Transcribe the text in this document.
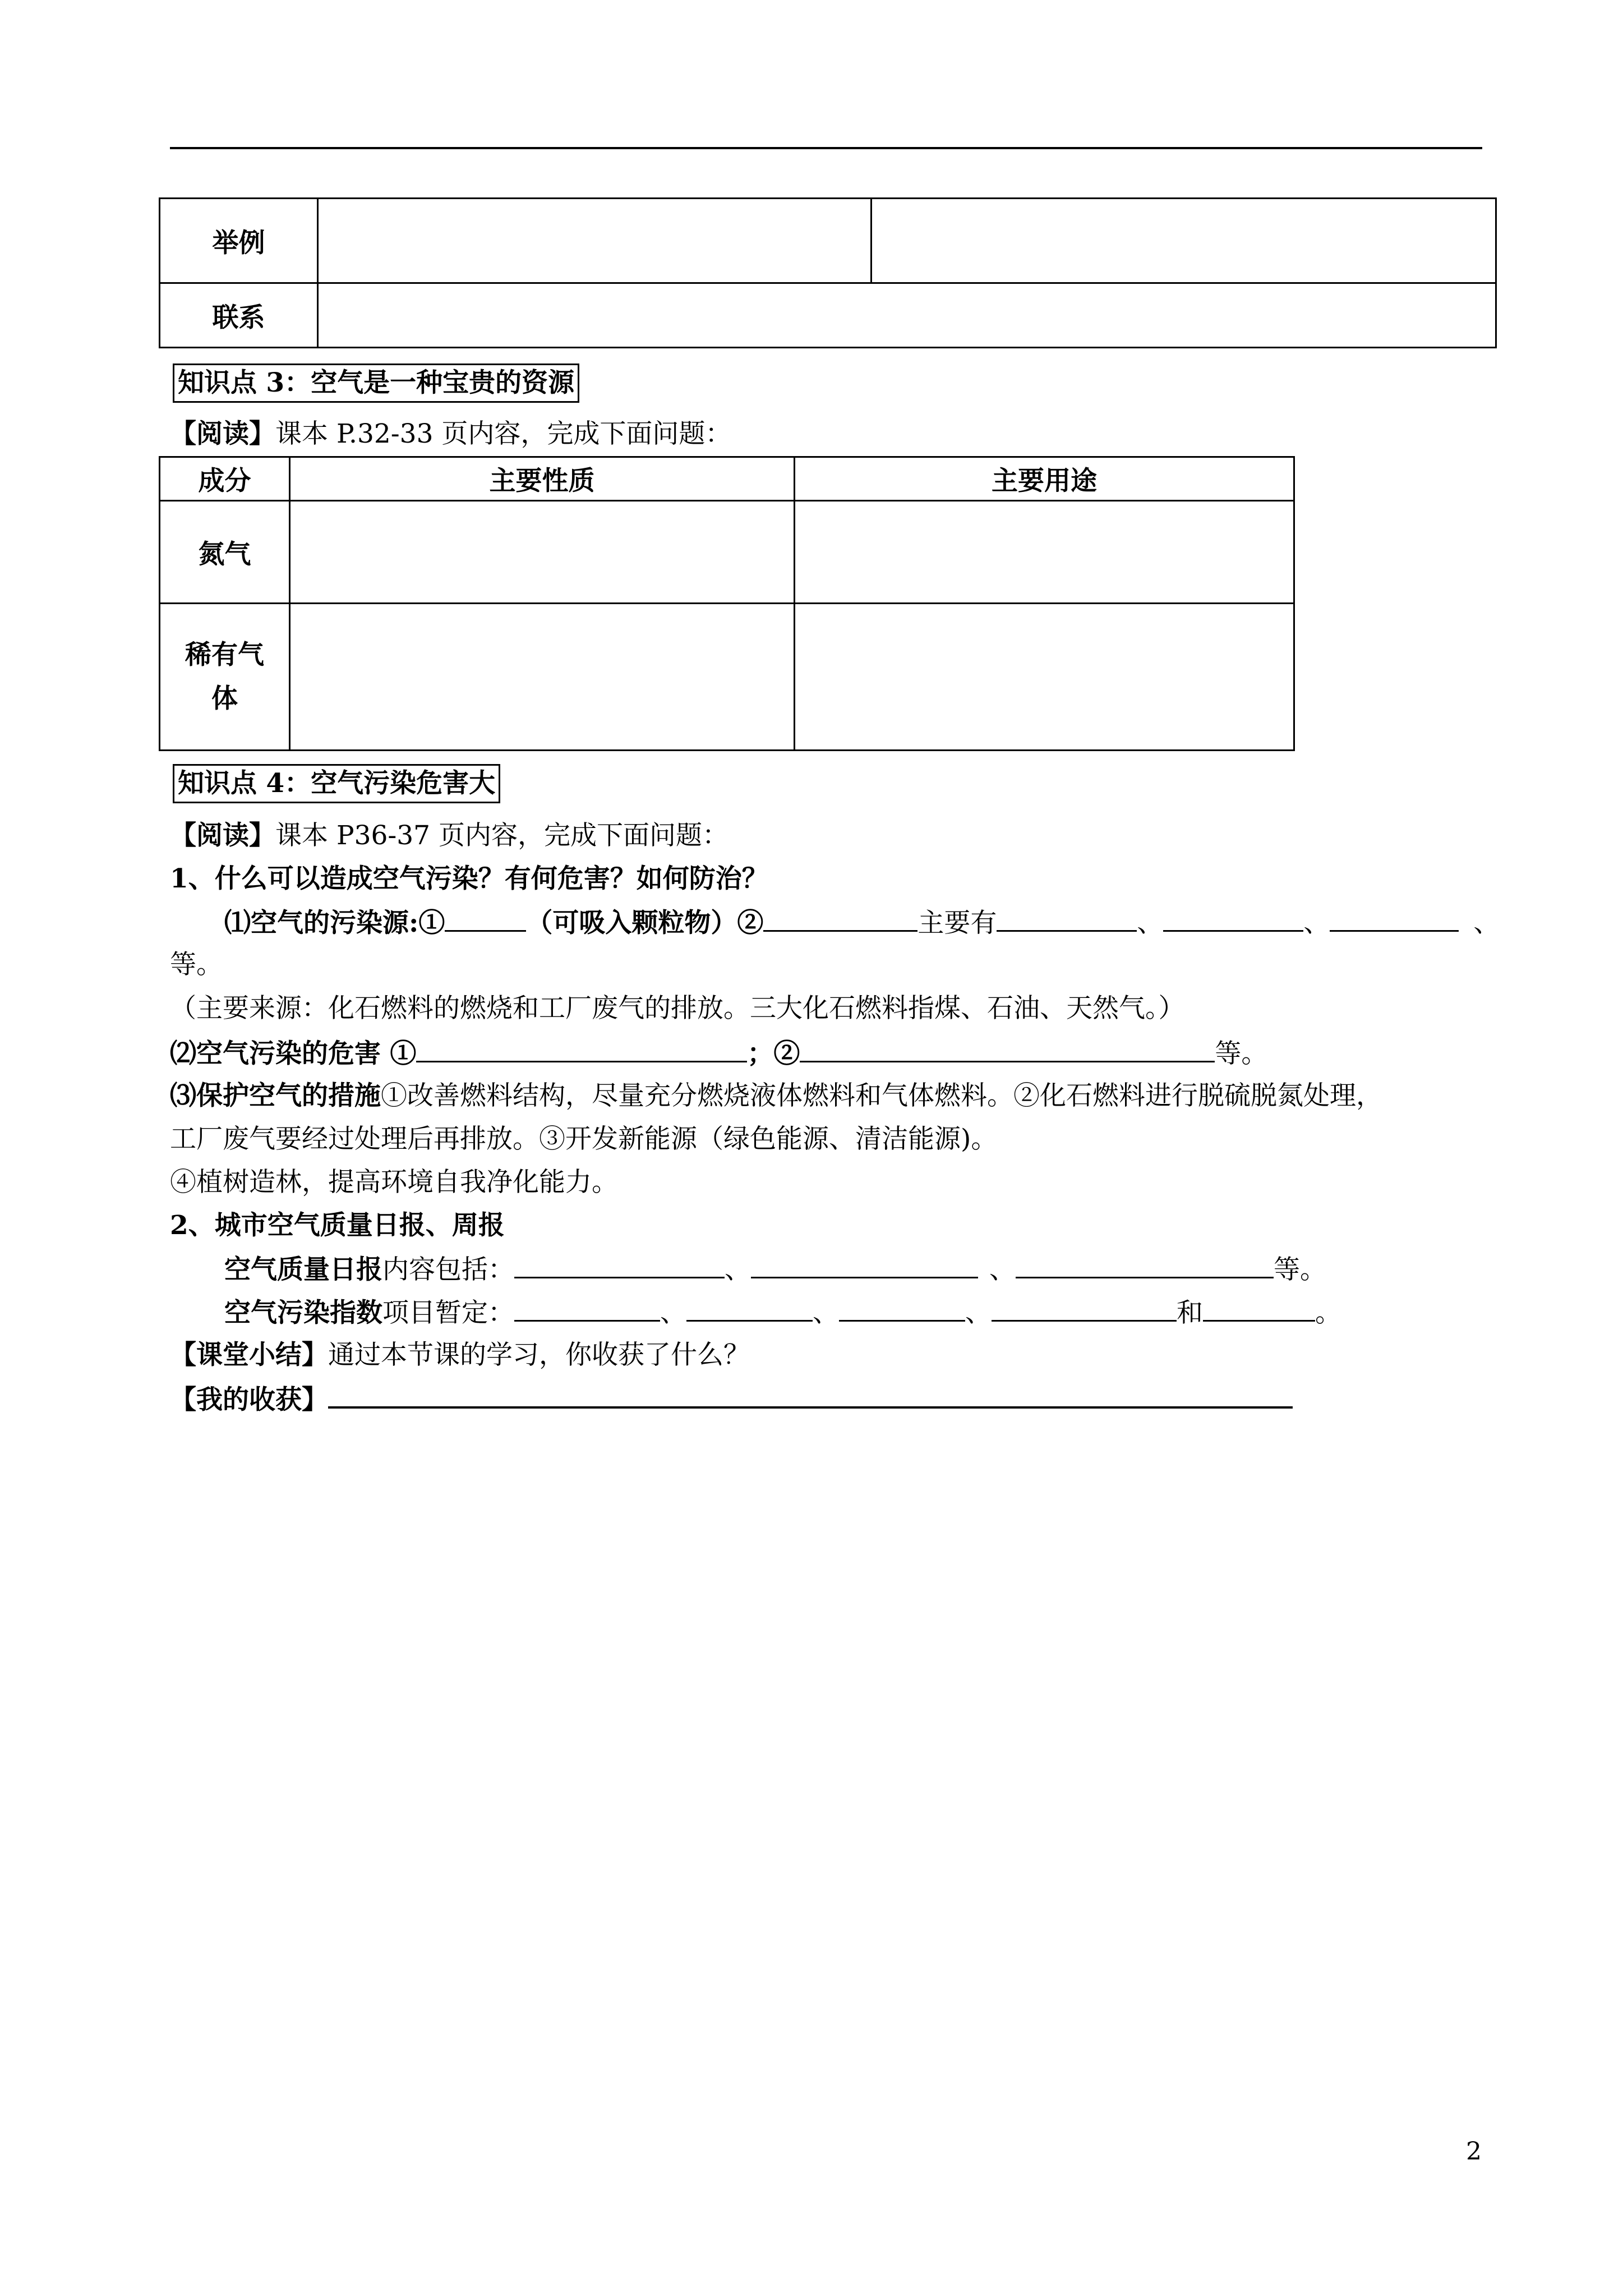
举例		
联系		
知识点 3：空气是一种宝贵的资源
【阅读】课本 P.32-33 页内容，完成下面问题：
成分	主要性质	主要用途
氮气		

稀有气
体		

知识点 4：空气污染危害大
【阅读】课本 P36-37 页内容，完成下面问题：
1、什么可以造成空气污染？有何危害？如何防治？
⑴空气的污染源:①	（可吸入颗粒物）②	主要有	、	、	、
等。
（主要来源：化石燃料的燃烧和工厂废气的排放。三大化石燃料指煤、石油、天然气。）
⑵空气污染的危害 ①	；②	等。
⑶保护空气的措施①改善燃料结构，尽量充分燃烧液体燃料和气体燃料。②化石燃料进行脱硫脱氮处理，
工厂废气要经过处理后再排放。③开发新能源（绿色能源、清洁能源)。
④植树造林，提高环境自我净化能力。
2、城市空气质量日报、周报
空气质量日报内容包括：	、	、	等。
空气污染指数项目暂定：	、	、	、	和	。
【课堂小结】通过本节课的学习，你收获了什么？
【我的收获】
2
